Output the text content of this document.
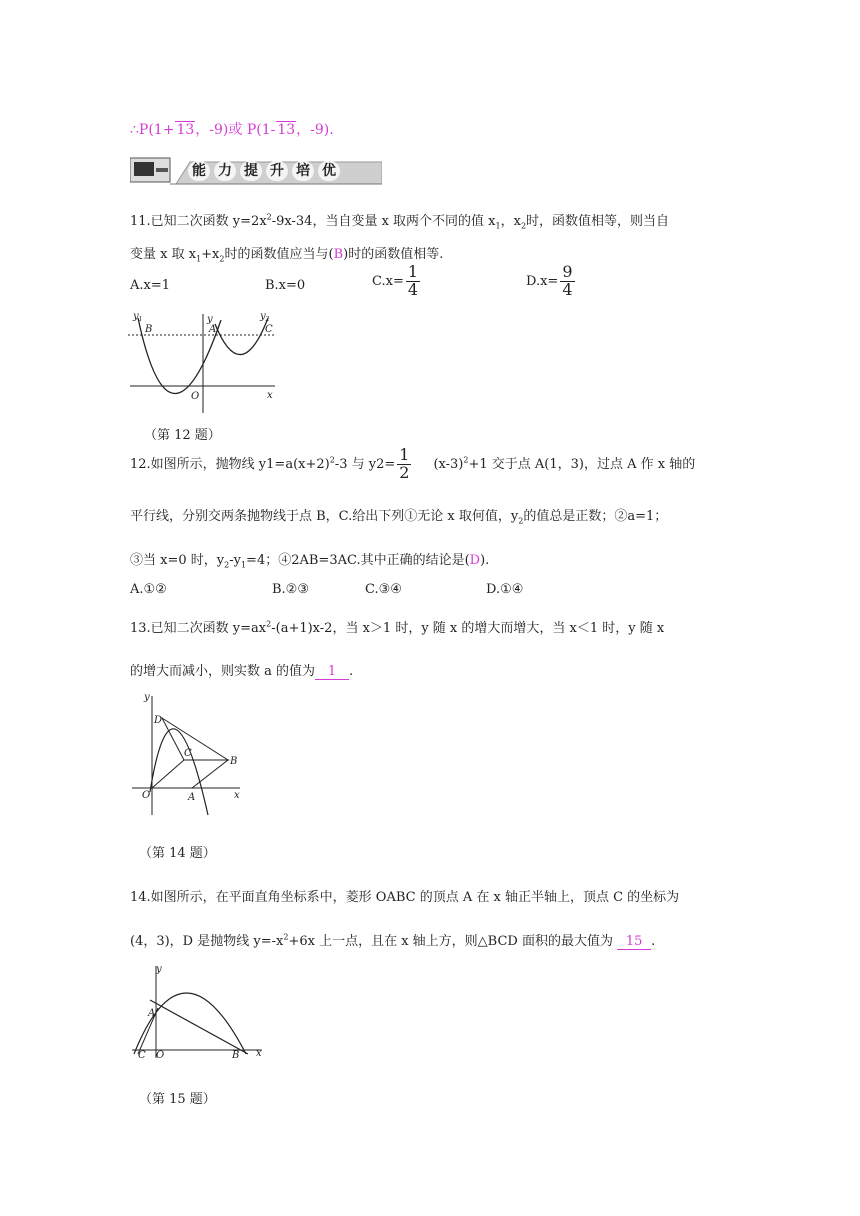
∴P(1+ 13，-9)或 P(1- 13，-9).
能 力 提 升 培 优
11.已知二次函数 $y=2x^2-9x-34$，当自变量 x 取两个不同的值 $x_1$，$x_2$时，函数值相等，则当自
变量 x 取 $x_1+x_2$时的函数值应当与(B)时的函数值相等.
A.x=1	B.x=0	$C.x= \frac{1}{4}$	$D.x= \frac{9}{4}$
$y_1$
B
y
A
$y_2$
C
O	x
（第 12 题）
12.如图所示，抛物线 $y1=a(x+2)^2-3$ 与 $y2= \frac{1}{2} (x-3)^2+1$ 交于点 A(1，3)，过点 A 作 x 轴的
平行线，分别交两条抛物线于点 B，C.给出下列①无论 x 取何值，$y_2$的值总是正数；②a=1；
③当 x=0 时，$y_2-y_1=4$；④2AB=3AC.其中正确的结论是(D).
A.①②	B.②③	C.③④	D.①④
13.已知二次函数 $y=ax^2-(a+1)x-2$，当 x＞1 时，y 随 x 的增大而增大，当 x＜1 时，y 随 x
的增大而减小，则实数 a 的值为 1 .
D
C
B
O	A	x
y
（第 14 题）
14.如图所示，在平面直角坐标系中，菱形 OABC 的顶点 A 在 x 轴正半轴上，顶点 C 的坐标为
(4，3)，D 是抛物线 $y=-x^2+6x$ 上一点，且在 x 轴上方，则△BCD 面积的最大值为 15 .
A
C O	B x
y
（第 15 题）
